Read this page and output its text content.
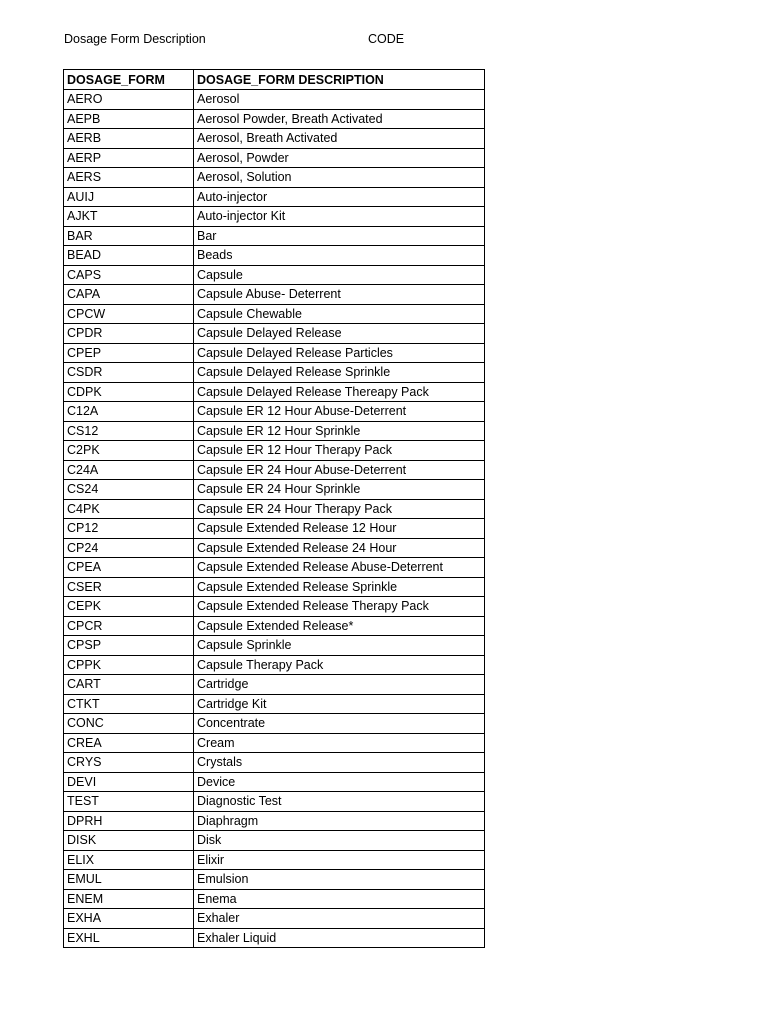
Dosage Form Description	CODE
DOSAGE_FORM	DOSAGE_FORM DESCRIPTION
AERO	Aerosol
AEPB	Aerosol Powder, Breath Activated
AERB	Aerosol, Breath Activated
AERP	Aerosol, Powder
AERS	Aerosol, Solution
AUIJ	Auto-injector
AJKT	Auto-injector Kit
BAR	Bar
BEAD	Beads
CAPS	Capsule
CAPA	Capsule Abuse- Deterrent
CPCW	Capsule Chewable
CPDR	Capsule Delayed Release
CPEP	Capsule Delayed Release Particles
CSDR	Capsule Delayed Release Sprinkle
CDPK	Capsule Delayed Release Thereapy Pack
C12A	Capsule ER 12 Hour Abuse-Deterrent
CS12	Capsule ER 12 Hour Sprinkle
C2PK	Capsule ER 12 Hour Therapy Pack
C24A	Capsule ER 24 Hour Abuse-Deterrent
CS24	Capsule ER 24 Hour Sprinkle
C4PK	Capsule ER 24 Hour Therapy Pack
CP12	Capsule Extended Release 12 Hour
CP24	Capsule Extended Release 24 Hour
CPEA	Capsule Extended Release Abuse-Deterrent
CSER	Capsule Extended Release Sprinkle
CEPK	Capsule Extended Release Therapy Pack
CPCR	Capsule Extended Release*
CPSP	Capsule Sprinkle
CPPK	Capsule Therapy Pack
CART	Cartridge
CTKT	Cartridge Kit
CONC	Concentrate
CREA	Cream
CRYS	Crystals
DEVI	Device
TEST	Diagnostic Test
DPRH	Diaphragm
DISK	Disk
ELIX	Elixir
EMUL	Emulsion
ENEM	Enema
EXHA	Exhaler
EXHL	Exhaler Liquid
